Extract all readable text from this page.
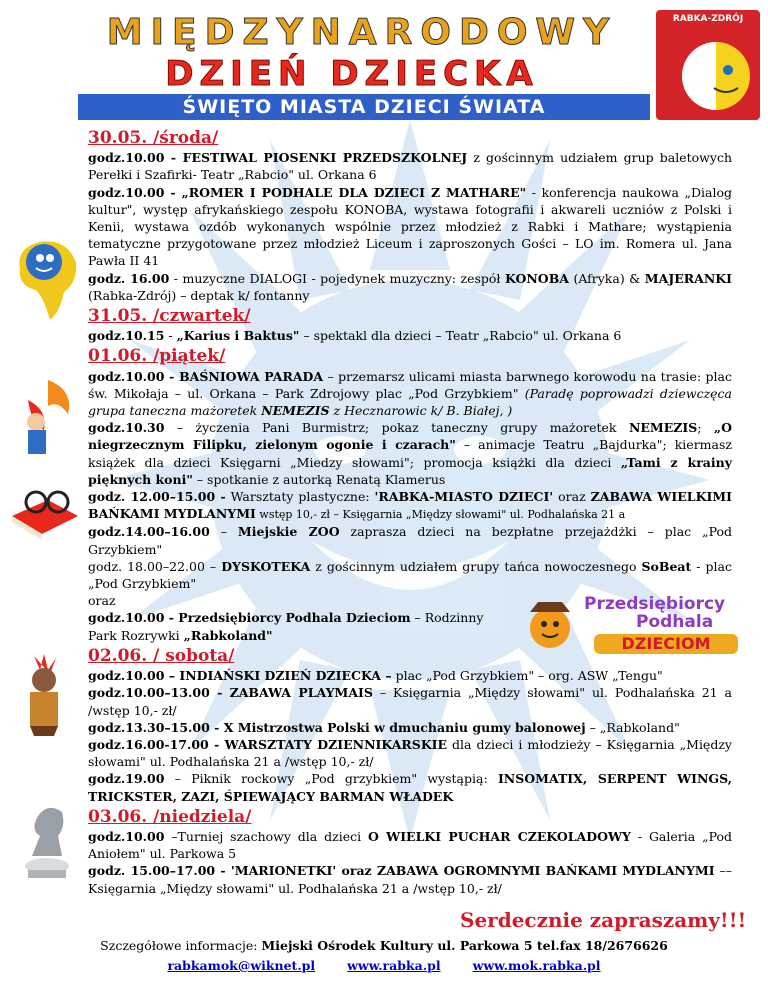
MIĘDZYNARODOWY
DZIEŃ DZIECKA
ŚWIĘTO MIASTA DZIECI ŚWIATA
RABKA-ZDRÓJ
Przedsiębiorcy
Podhala
DZIECIOM
30.05. /środa/

godz.10.00 - FESTIWAL PIOSENKI PRZEDSZKOLNEJ z gościnnym udziałem grup baletowych Perełki i Szafirki- Teatr „Rabcio" ul. Orkana 6

godz.10.00 - „ROMER I PODHALE DLA DZIECI Z MATHARE" - konferencja naukowa „Dialog kultur", występ afrykańskiego zespołu KONOBA, wystawa fotografii i akwareli uczniów z Polski i Kenii, wystawa ozdób wykonanych wspólnie przez młodzież z Rabki i Mathare; wystąpienia tematyczne przygotowane przez młodzież Liceum i zaproszonych Gości – LO im. Romera ul. Jana Pawła II 41

godz. 16.00 - muzyczne DIALOGI - pojedynek muzyczny: zespół KONOBA (Afryka) & MAJERANKI (Rabka-Zdrój) – deptak k/ fontanny

31.05. /czwartek/

godz.10.15 - „Karius i Baktus" – spektakl dla dzieci – Teatr „Rabcio" ul. Orkana 6

01.06. /piątek/

godz.10.00 - BAŚNIOWA PARADA – przemarsz ulicami miasta barwnego korowodu na trasie: plac św. Mikołaja – ul. Orkana – Park Zdrojowy plac „Pod Grzybkiem" (Paradę poprowadzi dziewczęca grupa taneczna mażoretek NEMEZIS z Hecznarowic k/ B. Białej, )

godz.10.30 – życzenia Pani Burmistrz; pokaz taneczny grupy mażoretek NEMEZIS; „O niegrzecznym Filipku, zielonym ogonie i czarach" – animacje Teatru „Bajdurka"; kiermasz książek dla dzieci Księgarni „Miedzy słowami"; promocja książki dla dzieci „Tami z krainy pięknych koni" – spotkanie z autorką Renatą Klamerus

godz. 12.00–15.00 - Warsztaty plastyczne: 'RABKA-MIASTO DZIECI' oraz ZABAWA WIELKIMI BAŃKAMI MYDLANYMI wstęp 10,- zł – Księgarnia „Między słowami" ul. Podhalańska 21 a

godz.14.00–16.00 – Miejskie ZOO zaprasza dzieci na bezpłatne przejażdżki – plac „Pod Grzybkiem"

godz. 18.00–22.00 – DYSKOTEKA z gościnnym udziałem grupy tańca nowoczesnego SoBeat - plac „Pod Grzybkiem"

oraz

godz.10.00 - Przedsiębiorcy Podhala Dzieciom – Rodzinny

Park Rozrywki „Rabkoland"

02.06. / sobota/

godz.10.00 – INDIAŃSKI DZIEŃ DZIECKA – plac „Pod Grzybkiem" – org. ASW „Tengu"

godz.10.00–13.00 - ZABAWA PLAYMAIS – Księgarnia „Między słowami" ul. Podhalańska 21 a /wstęp 10,- zł/

godz.13.30–15.00 - X Mistrzostwa Polski w dmuchaniu gumy balonowej – „Rabkoland"

godz.16.00-17.00 - WARSZTATY DZIENNIKARSKIE dla dzieci i młodzieży – Księgarnia „Między słowami" ul. Podhalańska 21 a /wstęp 10,- zł/

godz.19.00 – Piknik rockowy „Pod grzybkiem" wystąpią: INSOMATIX, SERPENT WINGS, TRICKSTER, ZAZI, ŚPIEWAJĄCY BARMAN WŁADEK

03.06. /niedziela/

godz.10.00 –Turniej szachowy dla dzieci O WIELKI PUCHAR CZEKOLADOWY - Galeria „Pod Aniołem" ul. Parkowa 5

godz. 15.00–17.00 - 'MARIONETKI' oraz ZABAWA OGROMNYMI BAŃKAMI MYDLANYMI –– Księgarnia „Między słowami" ul. Podhalańska 21 a /wstęp 10,- zł/

Serdecznie zapraszamy!!!
Szczegółowe informacje: Miejski Ośrodek Kultury ul. Parkowa 5 tel.fax 18/2676626
rabkamok@wiknet.pl	www.rabka.pl	www.mok.rabka.pl
